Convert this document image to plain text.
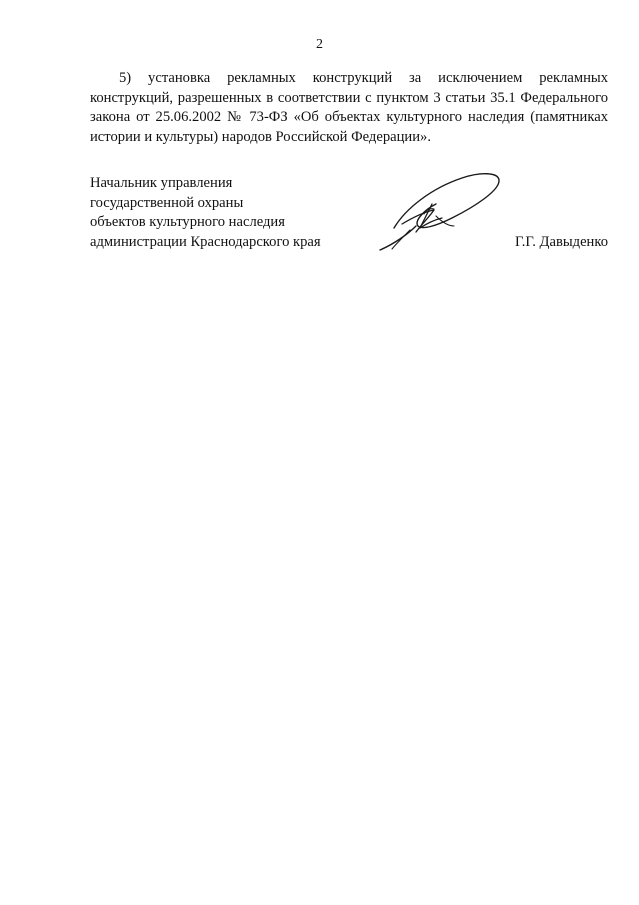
2

5) установка рекламных конструкций за исключением рекламных конструкций, разрешенных в соответствии с пунктом 3 статьи 35.1 Федерального закона от 25.06.2002 № 73-ФЗ «Об объектах культурного наследия (памятниках истории и культуры) народов Российской Федерации».

Начальник управления
государственной охраны
объектов культурного наследия
администрации Краснодарского края	Г.Г. Давыденко
